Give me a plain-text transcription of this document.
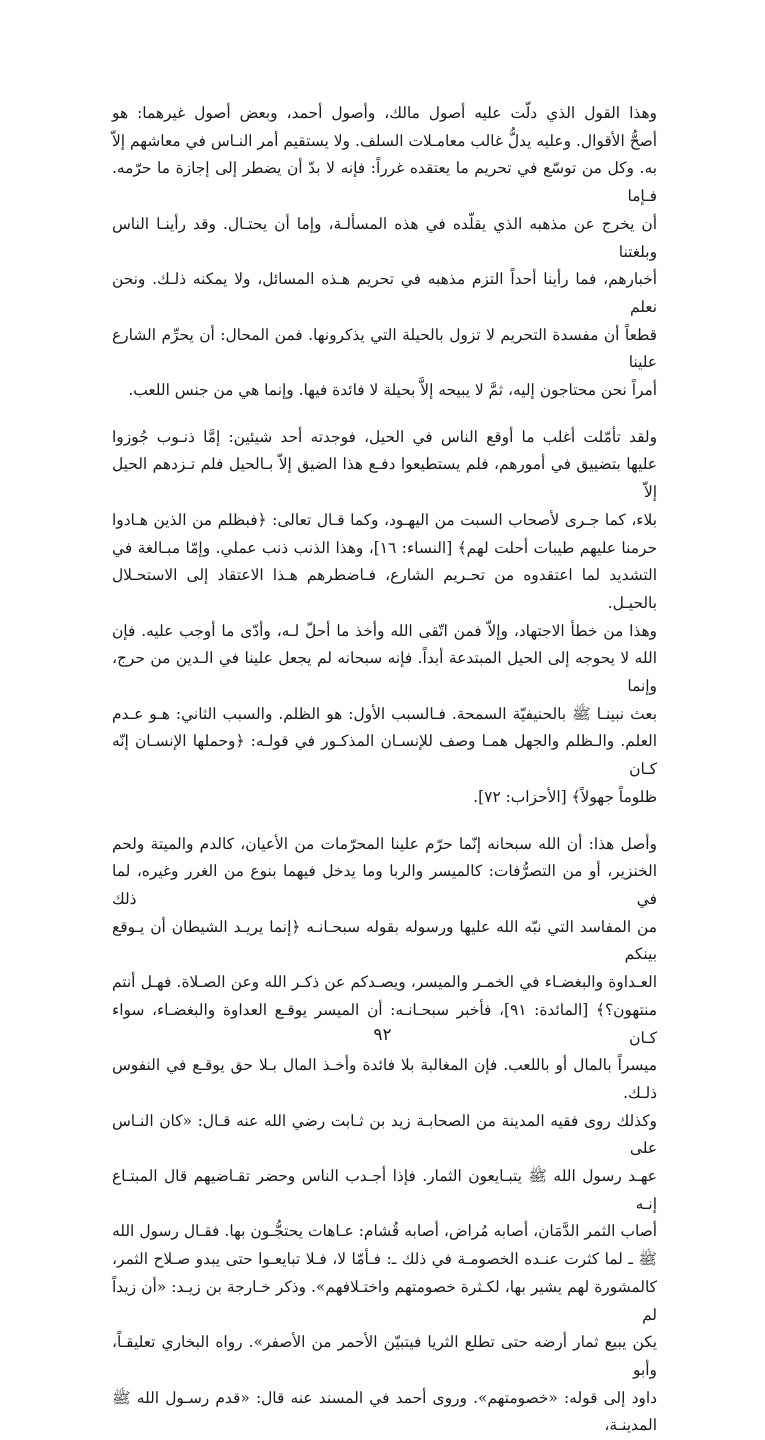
وهذا القول الذي دلّت عليه أصول مالك، وأصول أحمد، وبعض أصول غيرهما: هو
أصحُّ الأقوال. وعليه يدلُّ غالب معامـلات السلف. ولا يستقيم أمر النـاس في معاشهم إلاّ
به. وكل من توسّع في تحريم ما يعتقده غرراً: فإنه لا بدّ أن يضطر إلى إجازة ما حرّمه. فـإما
أن يخرج عن مذهبه الذي يقلّده في هذه المسألـة، وإما أن يحتـال. وقد رأينـا الناس وبلغتنا
أخبارهم، فما رأينا أحداً التزم مذهبه في تحريم هـذه المسائل، ولا يمكنه ذلـك. ونحن نعلم
قطعاً أن مفسدة التحريم لا تزول بالحيلة التي يذكرونها. فمن المحال: أن يحرِّم الشارع علينا
أمراً نحن محتاجون إليه، ثمَّ لا يبيحه إلاَّ بحيلة لا فائدة فيها. وإنما هي من جنس اللعب.
ولقد تأمّلت أغلب ما أوقع الناس في الحيل، فوجدته أحد شيئين: إمَّا ذنـوب جُوزوا
عليها بتضييق في أمورهم، فلم يستطيعوا دفـع هذا الضيق إلاّ بـالحيل فلم تـزدهم الحيل إلاّ
بلاء، كما جـرى لأصحاب السبت من اليهـود، وكما قـال تعالى: ﴿فبظلم من الذين هـادوا
حرمنا عليهم طيبات أحلت لهم﴾ [النساء: ١٦]، وهذا الذنب ذنب عملي. وإمّا مبـالغة في
التشديد لما اعتقدوه من تحـريم الشارع، فـاضطرهم هـذا الاعتقاد إلى الاستحـلال بالحيـل.
وهذا من خطأ الاجتهاد، وإلاّ فمن اتّقى الله وأخذ ما أحلّ لـه، وأدّى ما أوجب عليه. فإن
الله لا يحوجه إلى الحيل المبتدعة أبداً. فإنه سبحانه لم يجعل علينا في الـدين من حرج، وإنما
بعث نبينـا ﷺ بالحنيفيّة السمحة. فـالسبب الأول: هو الظلم. والسبب الثاني: هـو عـدم
العلم. والـظلم والجهل همـا وصف للإنسـان المذكـور في قولـه: ﴿وحملها الإنسـان إنّه كـان
ظلوماً جهولاً﴾ [الأحزاب: ٧٢].
وأصل هذا: أن الله سبحانه إنّما حرّم علينا المحرّمات من الأعيان، كالدم والميتة ولحم
الخنزير، أو من التصرُّفات: كالميسر والربا وما يدخل فيهما بنوع من الغرر وغيره، لما في ذلك
من المفاسد التي نبّه الله عليها ورسوله بقوله سبحـانـه ﴿إنما يريـد الشيطان أن يـوقع بينكم
العـداوة والبغضـاء في الخمـر والميسر، ويصـدكم عن ذكـر الله وعن الصـلاة. فهـل أنتم
منتهون؟﴾ [المائدة: ٩١]، فأخبر سبحـانـه: أن الميسر يوقـع العداوة والبغضـاء، سواء كـان
ميسراً بالمال أو باللعب. فإن المغالبة بلا فائدة وأخـذ المال بـلا حق يوقـع في النفوس ذلـك.
وكذلك روى فقيه المدينة من الصحابـة زيد بن ثـابت رضي الله عنه قـال: «كان النـاس على
عهـد رسول الله ﷺ يتبـايعون الثمار. فإذا أجـدب الناس وحضر تقـاضيهم قال المبتـاع إنـه
أصاب الثمر الدَّمَان، أصابه مُراض، أصابه قُشام: عـاهات يحتجُّـون بها. فقـال رسول الله
ﷺ ـ لما كثرت عنـده الخصومـة في ذلك ـ: فـأمّا لا، فـلا تبايعـوا حتى يبدو صـلاح الثمر،
كالمشورة لهم يشير بها، لكـثرة خصومتهم واختـلافهم». وذكر خـارجة بن زيـد: «أن زيداً لم
يكن يبيع ثمار أرضه حتى تطلع الثريا فيتبيّن الأحمر من الأصفر». رواه البخاري تعليقـاً، وأبو
داود إلى قوله: «خصومتهم». وروى أحمد في المسند عنه قال: «قدم رسـول الله ﷺ المدينـة،
٩٢
